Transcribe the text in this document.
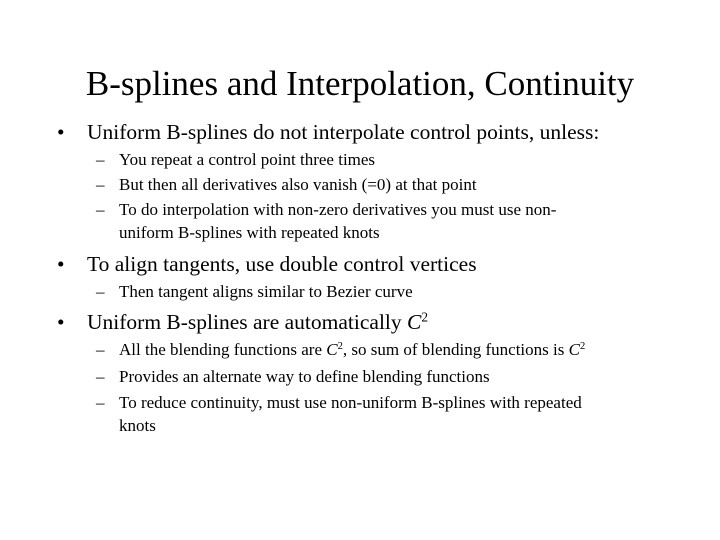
B-splines and Interpolation, Continuity
• Uniform B-splines do not interpolate control points, unless:
– You repeat a control point three times
– But then all derivatives also vanish (=0) at that point
– To do interpolation with non-zero derivatives you must use non-
uniform B-splines with repeated knots
• To align tangents, use double control vertices
– Then tangent aligns similar to Bezier curve
• Uniform B-splines are automatically $C^2$
– All the blending functions are $C^2$, so sum of blending functions is $C^2$
– Provides an alternate way to define blending functions
– To reduce continuity, must use non-uniform B-splines with repeated
knots
